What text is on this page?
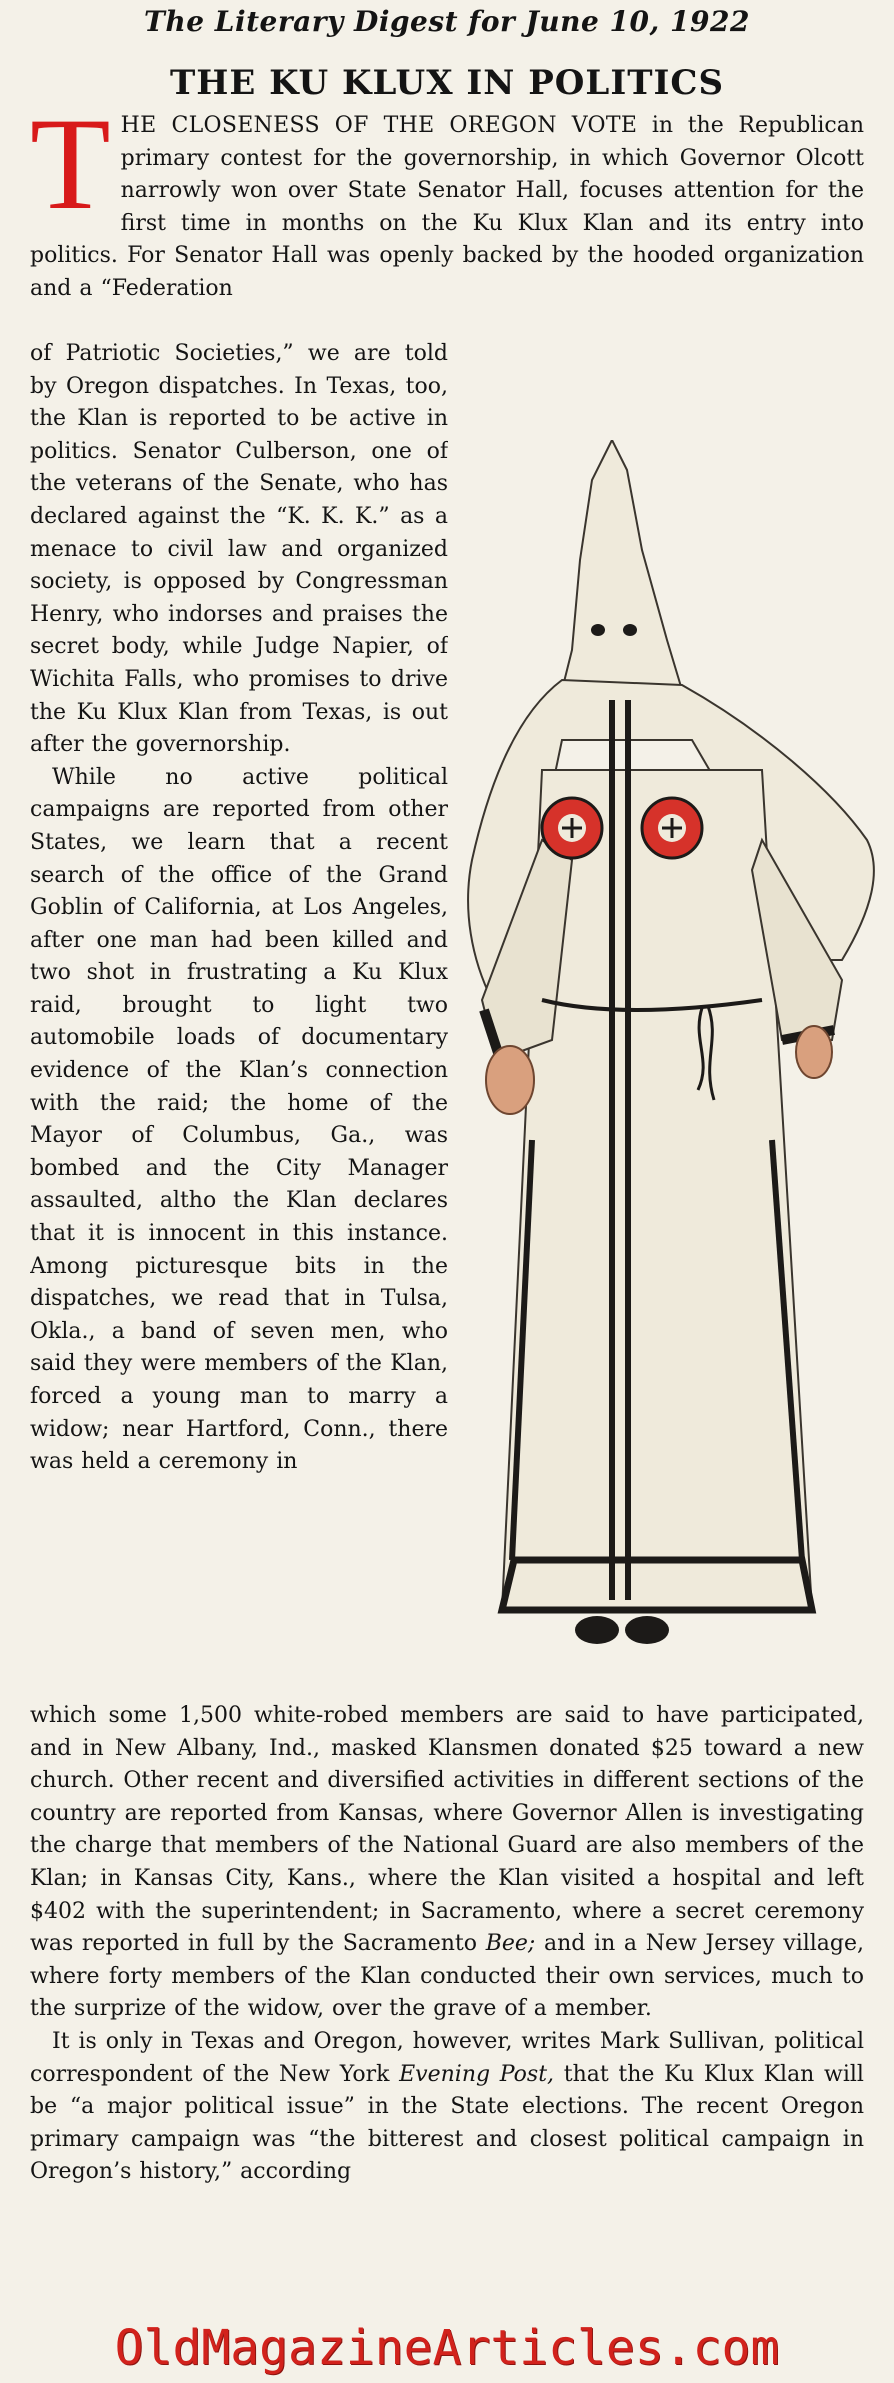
The Literary Digest for June 10, 1922
THE KU KLUX IN POLITICS
T HE CLOSENESS OF THE OREGON VOTE in the Republican primary contest for the governorship, in which Governor Olcott narrowly won over State Senator Hall, focuses attention for the first time in months on the Ku Klux Klan and its entry into politics. For Senator Hall was openly backed by the hooded organization and a “Federation

of Patriotic Societies,” we are told by Oregon dispatches. In Texas, too, the Klan is reported to be active in politics. Senator Culberson, one of the veterans of the Senate, who has declared against the “K. K. K.” as a menace to civil law and organized society, is opposed by Congressman Henry, who indorses and praises the secret body, while Judge Napier, of Wichita Falls, who promises to drive the Ku Klux Klan from Texas, is out after the governorship.

While no active political campaigns are reported from other States, we learn that a recent search of the office of the Grand Goblin of California, at Los Angeles, after one man had been killed and two shot in frustrating a Ku Klux raid, brought to light two automobile loads of documentary evidence of the Klan’s connection with the raid; the home of the Mayor of Columbus, Ga., was bombed and the City Manager assaulted, altho the Klan declares that it is innocent in this instance. Among picturesque bits in the dispatches, we read that in Tulsa, Okla., a band of seven men, who said they were members of the Klan, forced a young man to marry a widow; near Hartford, Conn., there was held a ceremony in

which some 1,500 white-robed members are said to have participated, and in New Albany, Ind., masked Klansmen donated $25 toward a new church. Other recent and diversified activities in different sections of the country are reported from Kansas, where Governor Allen is investigating the charge that members of the National Guard are also members of the Klan; in Kansas City, Kans., where the Klan visited a hospital and left $402 with the superintendent; in Sacramento, where a secret ceremony was reported in full by the Sacramento Bee; and in a New Jersey village, where forty members of the Klan conducted their own services, much to the surprize of the widow, over the grave of a member.

It is only in Texas and Oregon, however, writes Mark Sullivan, political correspondent of the New York Evening Post, that the Ku Klux Klan will be “a major political issue” in the State elections. The recent Oregon primary campaign was “the bitterest and closest political campaign in Oregon’s history,” according

OldMagazineArticles.com
